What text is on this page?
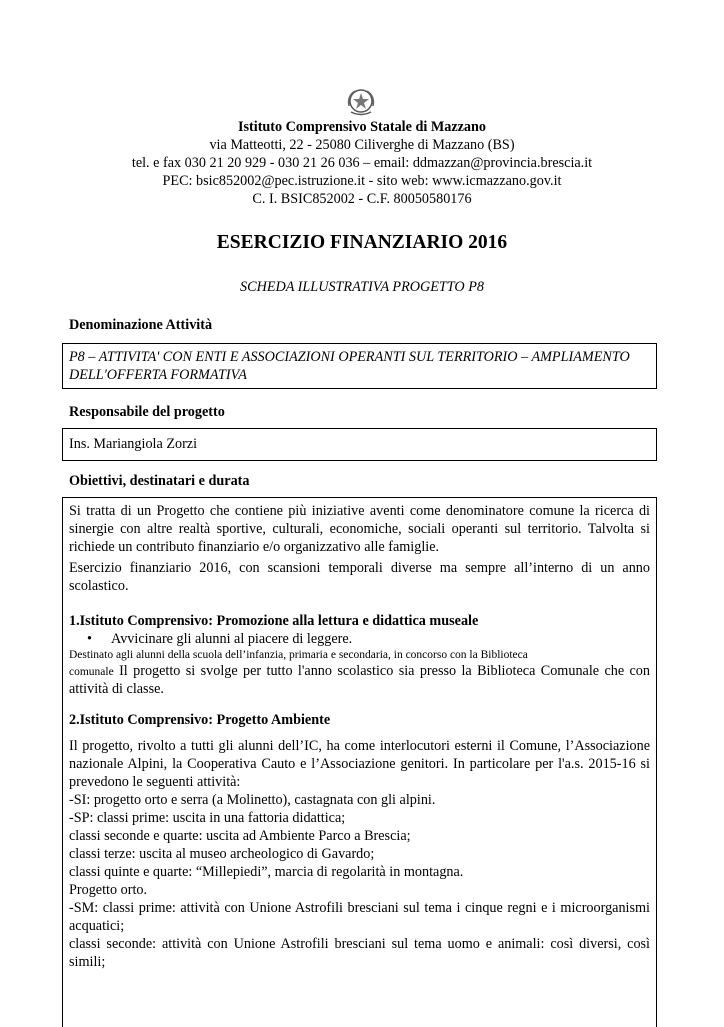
Istituto Comprensivo Statale di Mazzano
via Matteotti, 22 - 25080 Ciliverghe di Mazzano (BS)
tel. e fax 030 21 20 929 - 030 21 26 036 – email: ddmazzan@provincia.brescia.it
PEC: bsic852002@pec.istruzione.it - sito web: www.icmazzano.gov.it
C. I. BSIC852002 - C.F. 80050580176
ESERCIZIO FINANZIARIO 2016
SCHEDA ILLUSTRATIVA PROGETTO P8
Denominazione Attività
P8 – ATTIVITA' CON ENTI E ASSOCIAZIONI OPERANTI SUL TERRITORIO – AMPLIAMENTO
DELL'OFFERTA FORMATIVA
Responsabile del progetto
Ins. Mariangiola Zorzi
Obiettivi, destinatari e durata

Si tratta di un Progetto che contiene più iniziative aventi come denominatore comune la ricerca di sinergie con altre realtà sportive, culturali, economiche, sociali operanti sul territorio. Talvolta si richiede un contributo finanziario e/o organizzativo alle famiglie.

Esercizio finanziario 2016, con scansioni temporali diverse ma sempre all’interno di un anno scolastico.

1.Istituto Comprensivo: Promozione alla lettura e didattica museale

• Avvicinare gli alunni al piacere di leggere.

Destinato agli alunni della scuola dell’infanzia, primaria e secondaria, in concorso con la Biblioteca

comunale Il progetto si svolge per tutto l'anno scolastico sia presso la Biblioteca Comunale che con attività di classe.

2.Istituto Comprensivo: Progetto Ambiente

Il progetto, rivolto a tutti gli alunni dell’IC, ha come interlocutori esterni il Comune, l’Associazione nazionale Alpini, la Cooperativa Cauto e l’Associazione genitori. In particolare per l'a.s. 2015-16 si prevedono le seguenti attività:

-SI: progetto orto e serra (a Molinetto), castagnata con gli alpini.

-SP: classi prime: uscita in una fattoria didattica;

classi seconde e quarte: uscita ad Ambiente Parco a Brescia;

classi terze: uscita al museo archeologico di Gavardo;

classi quinte e quarte: “Millepiedi”, marcia di regolarità in montagna.

Progetto orto.

-SM: classi prime: attività con Unione Astrofili bresciani sul tema i cinque regni e i microorganismi acquatici;

classi seconde: attività con Unione Astrofili bresciani sul tema uomo e animali: così diversi, così simili;
